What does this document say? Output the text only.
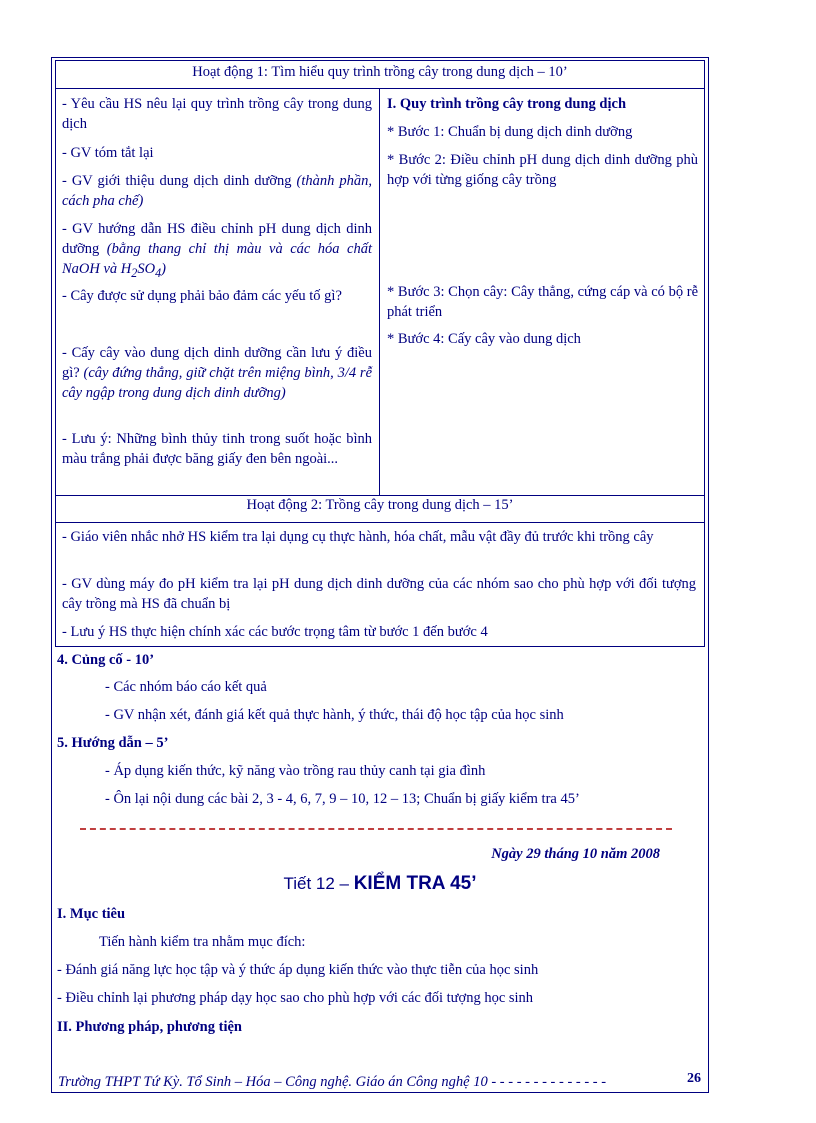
Hoạt động 1: Tìm hiểu quy trình trồng cây trong dung dịch – 10’
- Yêu cầu HS nêu lại quy trình trồng cây trong dung dịch
- GV tóm tắt lại
- GV giới thiệu dung dịch dinh dưỡng (thành phần, cách pha chế)
- GV hướng dẫn HS điều chỉnh pH dung dịch dinh dưỡng (bằng thang chỉ thị màu và các hóa chất NaOH và $H_2SO_4$)
- Cây được sử dụng phải bảo đảm các yếu tố gì?
- Cấy cây vào dung dịch dinh dưỡng cần lưu ý điều gì? (cây đứng thẳng, giữ chặt trên miệng bình, 3/4 rễ cây ngập trong dung dịch dinh dưỡng)
- Lưu ý: Những bình thủy tinh trong suốt hoặc bình màu trắng phải được băng giấy đen bên ngoài...
I. Quy trình trồng cây trong dung dịch
* Bước 1: Chuẩn bị dung dịch dinh dưỡng
* Bước 2: Điều chỉnh pH dung dịch dinh dưỡng phù hợp với từng giống cây trồng
* Bước 3: Chọn cây: Cây thẳng, cứng cáp và có bộ rễ phát triển
* Bước 4: Cấy cây vào dung dịch
Hoạt động 2: Trồng cây trong dung dịch – 15’
- Giáo viên nhắc nhở HS kiểm tra lại dụng cụ thực hành, hóa chất, mẫu vật đầy đủ trước khi trồng cây
- GV dùng máy đo pH kiểm tra lại pH dung dịch dinh dưỡng của các nhóm sao cho phù hợp với đối tượng cây trồng mà HS đã chuẩn bị
- Lưu ý HS thực hiện chính xác các bước trọng tâm từ bước 1 đến bước 4
4. Củng cố - 10’
- Các nhóm báo cáo kết quả
- GV nhận xét, đánh giá kết quả thực hành, ý thức, thái độ học tập của học sinh
5. Hướng dẫn – 5’
- Áp dụng kiến thức, kỹ năng vào trồng rau thủy canh tại gia đình
- Ôn lại nội dung các bài 2, 3 - 4, 6, 7, 9 – 10, 12 – 13; Chuẩn bị giấy kiểm tra 45’
Ngày 29 tháng 10 năm 2008
Tiết 12 – KIỂM TRA 45’
I. Mục tiêu
Tiến hành kiểm tra nhằm mục đích:
- Đánh giá năng lực học tập và ý thức áp dụng kiến thức vào thực tiễn của học sinh
- Điều chỉnh lại phương pháp dạy học sao cho phù hợp với các đối tượng học sinh
II. Phương pháp, phương tiện
Trường THPT Tứ Kỳ. Tổ Sinh – Hóa – Công nghệ. Giáo án Công nghệ 10 - - - - - - - - - - - - - -	26
